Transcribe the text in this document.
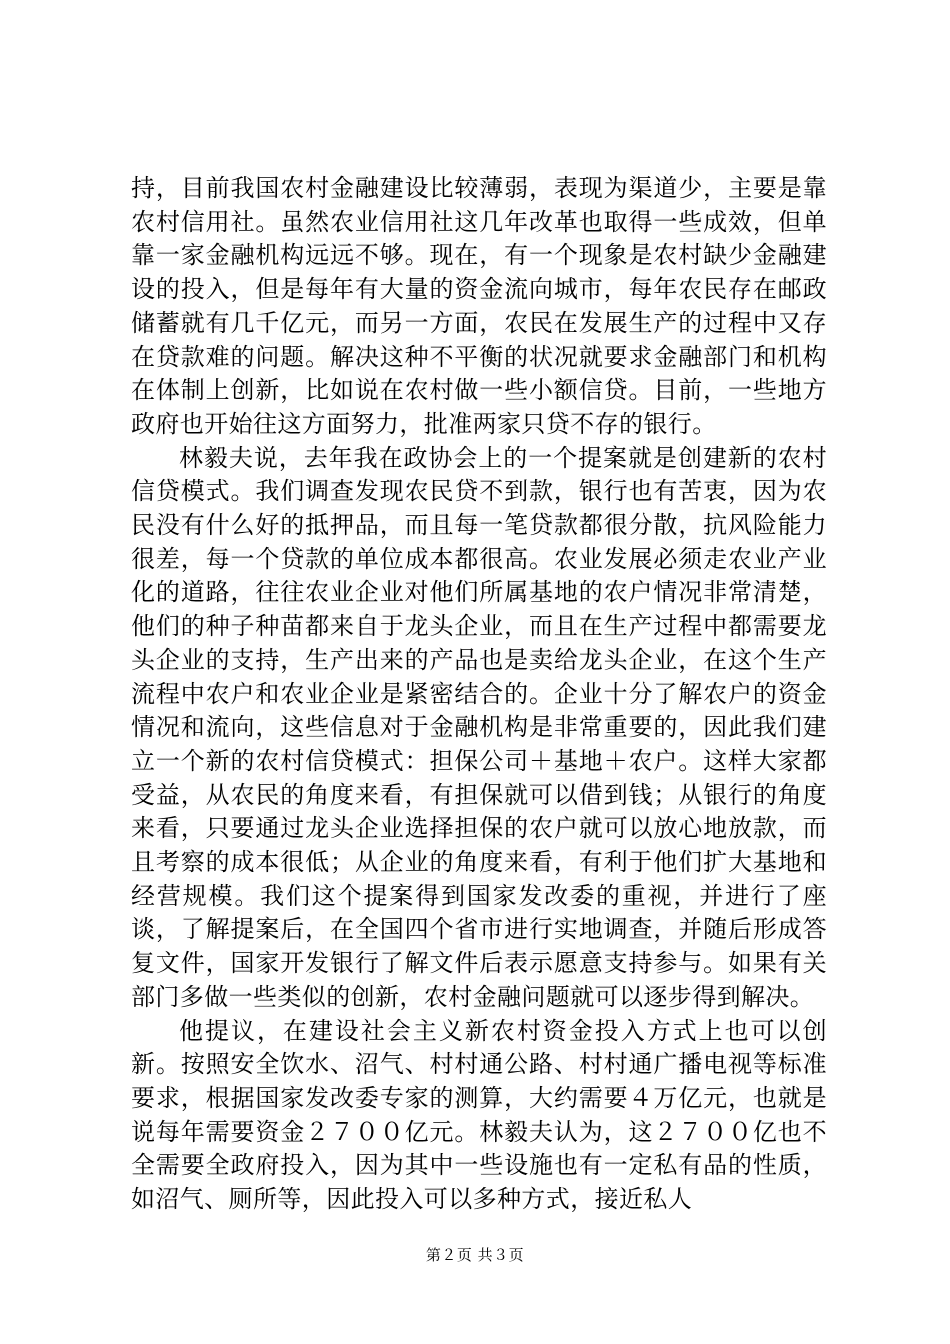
持，目前我国农村金融建设比较薄弱，表现为渠道少，主要是靠农村信用社。虽然农业信用社这几年改革也取得一些成效，但单靠一家金融机构远远不够。现在，有一个现象是农村缺少金融建设的投入，但是每年有大量的资金流向城市，每年农民存在邮政储蓄就有几千亿元，而另一方面，农民在发展生产的过程中又存在贷款难的问题。解决这种不平衡的状况就要求金融部门和机构在体制上创新，比如说在农村做一些小额信贷。目前，一些地方政府也开始往这方面努力，批准两家只贷不存的银行。

林毅夫说，去年我在政协会上的一个提案就是创建新的农村信贷模式。我们调查发现农民贷不到款，银行也有苦衷，因为农民没有什么好的抵押品，而且每一笔贷款都很分散，抗风险能力很差，每一个贷款的单位成本都很高。农业发展必须走农业产业化的道路，往往农业企业对他们所属基地的农户情况非常清楚，他们的种子种苗都来自于龙头企业，而且在生产过程中都需要龙头企业的支持，生产出来的产品也是卖给龙头企业，在这个生产流程中农户和农业企业是紧密结合的。企业十分了解农户的资金情况和流向，这些信息对于金融机构是非常重要的，因此我们建立一个新的农村信贷模式：担保公司＋基地＋农户。这样大家都受益，从农民的角度来看，有担保就可以借到钱；从银行的角度来看，只要通过龙头企业选择担保的农户就可以放心地放款，而且考察的成本很低；从企业的角度来看，有利于他们扩大基地和经营规模。我们这个提案得到国家发改委的重视，并进行了座谈，了解提案后，在全国四个省市进行实地调查，并随后形成答复文件，国家开发银行了解文件后表示愿意支持参与。如果有关部门多做一些类似的创新，农村金融问题就可以逐步得到解决。

他提议，在建设社会主义新农村资金投入方式上也可以创新。按照安全饮水、沼气、村村通公路、村村通广播电视等标准要求，根据国家发改委专家的测算，大约需要４万亿元，也就是说每年需要资金２７００亿元。林毅夫认为，这２７００亿也不全需要全政府投入，因为其中一些设施也有一定私有品的性质，如沼气、厕所等，因此投入可以多种方式，接近私人

第２页 共３页
